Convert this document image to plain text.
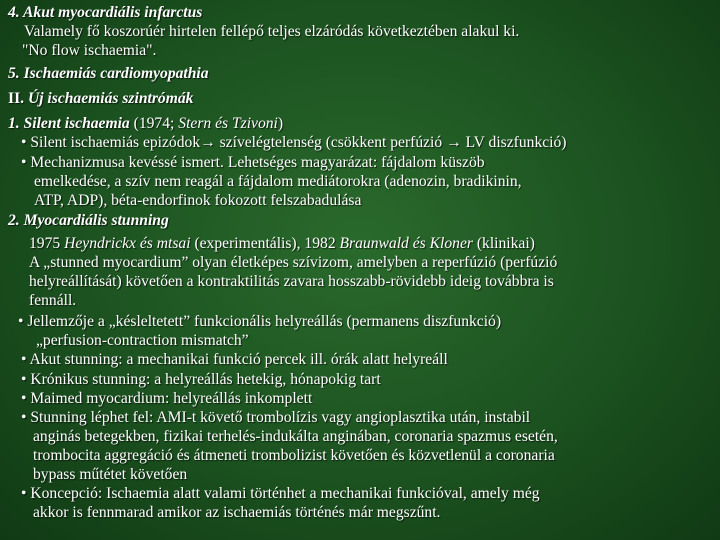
4. Akut myocardiális infarctus
Valamely fő koszorúér hirtelen fellépő teljes elzáródás következtében alakul ki.
"No flow ischaemia".
5. Ischaemiás cardiomyopathia
II. Új ischaemiás szintrómák
1. Silent ischaemia (1974; Stern és Tzivoni)
• Silent ischaemiás epizódok→ szívelégtelenség (csökkent perfúzió → LV diszfunkció)
• Mechanizmusa kevéssé ismert. Lehetséges magyarázat: fájdalom küszöb
emelkedése, a szív nem reagál a fájdalom mediátorokra (adenozin, bradikinin,
ATP, ADP), béta-endorfinok fokozott felszabadulása
2. Myocardiális stunning
1975 Heyndrickx és mtsai (experimentális), 1982 Braunwald és Kloner (klinikai)
A „stunned myocardium” olyan életképes szívizom, amelyben a reperfúzió (perfúzió
helyreállítását) követően a kontraktilitás zavara hosszabb-rövidebb ideig továbbra is
fennáll.
• Jellemzője a „késleltetett” funkcionális helyreállás (permanens diszfunkció)
„perfusion-contraction mismatch”
• Akut stunning: a mechanikai funkció percek ill. órák alatt helyreáll
• Krónikus stunning: a helyreállás hetekig, hónapokig tart
• Maimed myocardium: helyreállás inkomplett
• Stunning léphet fel: AMI-t követő trombolízis vagy angioplasztika után, instabil
anginás betegekben, fizikai terhelés-indukálta anginában, coronaria spazmus esetén,
trombocita aggregáció és átmeneti trombolizist követően és közvetlenül a coronaria
bypass műtétet követően
• Koncepció: Ischaemia alatt valami történhet a mechanikai funkcióval, amely még
akkor is fennmarad amikor az ischaemiás történés már megszűnt.
